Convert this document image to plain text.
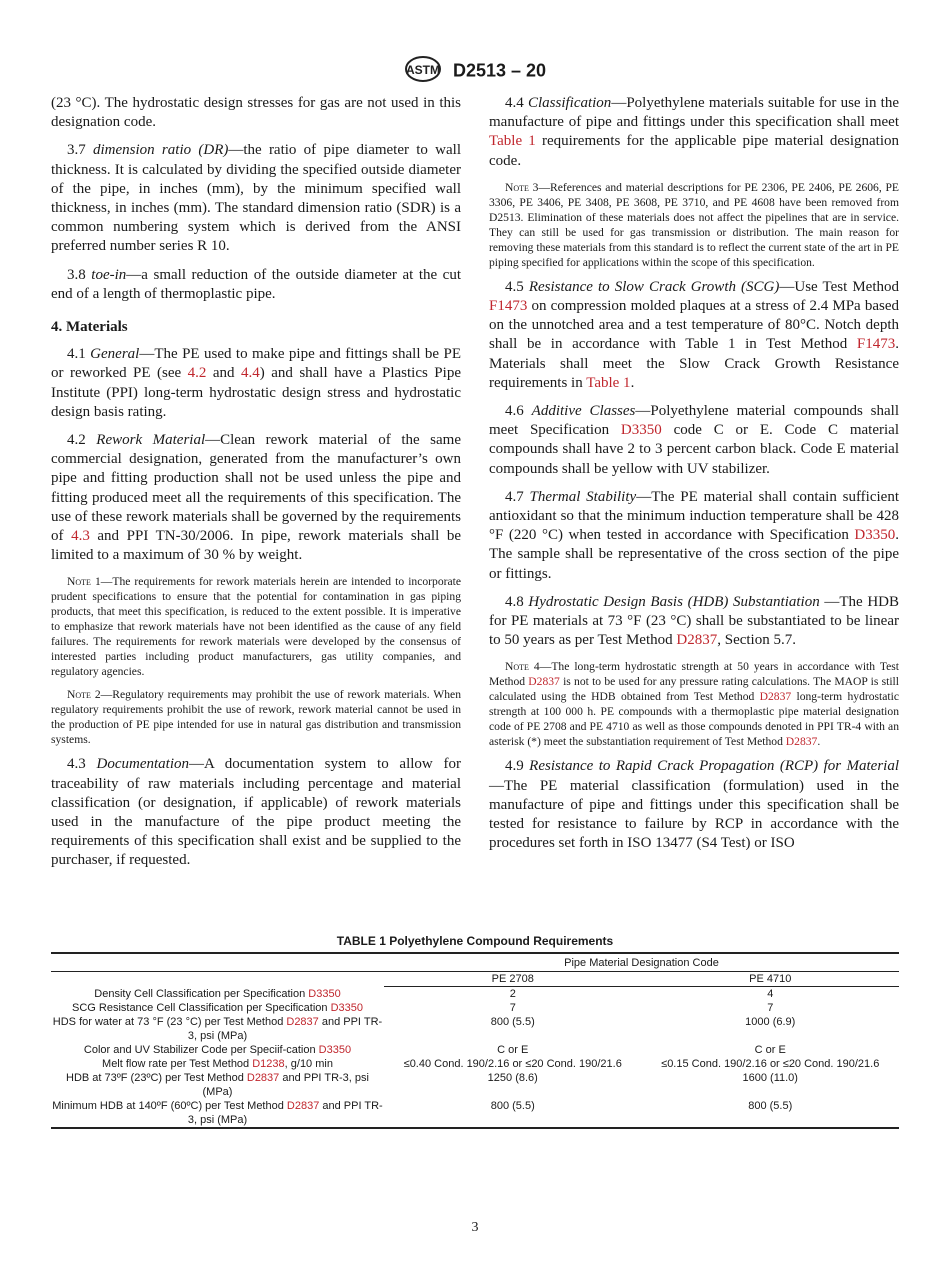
ASTM D2513 – 20
(23 °C). The hydrostatic design stresses for gas are not used in this designation code.
3.7 dimension ratio (DR)—the ratio of pipe diameter to wall thickness. It is calculated by dividing the specified outside diameter of the pipe, in inches (mm), by the minimum specified wall thickness, in inches (mm). The standard dimension ratio (SDR) is a common numbering system which is derived from the ANSI preferred number series R 10.
3.8 toe-in—a small reduction of the outside diameter at the cut end of a length of thermoplastic pipe.
4. Materials
4.1 General—The PE used to make pipe and fittings shall be PE or reworked PE (see 4.2 and 4.4) and shall have a Plastics Pipe Institute (PPI) long-term hydrostatic design stress and hydrostatic design basis rating.
4.2 Rework Material—Clean rework material of the same commercial designation, generated from the manufacturer’s own pipe and fitting production shall not be used unless the pipe and fitting produced meet all the requirements of this specification. The use of these rework materials shall be governed by the requirements of 4.3 and PPI TN-30/2006. In pipe, rework materials shall be limited to a maximum of 30 % by weight.
Note 1—The requirements for rework materials herein are intended to incorporate prudent specifications to ensure that the potential for contamination in gas piping products, that meet this specification, is reduced to the extent possible. It is imperative to emphasize that rework materials have not been identified as the cause of any field failures. The requirements for rework materials were developed by the consensus of interested parties including product manufacturers, gas utility companies, and regulatory agencies.
Note 2—Regulatory requirements may prohibit the use of rework materials. When regulatory requirements prohibit the use of rework, rework material cannot be used in the production of PE pipe intended for use in natural gas distribution and transmission systems.
4.3 Documentation—A documentation system to allow for traceability of raw materials including percentage and material classification (or designation, if applicable) of rework materials used in the manufacture of the pipe product meeting the requirements of this specification shall exist and be supplied to the purchaser, if requested.
4.4 Classification—Polyethylene materials suitable for use in the manufacture of pipe and fittings under this specification shall meet Table 1 requirements for the applicable pipe material designation code.
Note 3—References and material descriptions for PE 2306, PE 2406, PE 2606, PE 3306, PE 3406, PE 3408, PE 3608, PE 3710, and PE 4608 have been removed from D2513. Elimination of these materials does not affect the pipelines that are in service. They can still be used for gas transmission or distribution. The main reason for removing these materials from this standard is to reflect the current state of the art in PE piping specified for applications within the scope of this specification.
4.5 Resistance to Slow Crack Growth (SCG)—Use Test Method F1473 on compression molded plaques at a stress of 2.4 MPa based on the unnotched area and a test temperature of 80°C. Notch depth shall be in accordance with Table 1 in Test Method F1473. Materials shall meet the Slow Crack Growth Resistance requirements in Table 1.
4.6 Additive Classes—Polyethylene material compounds shall meet Specification D3350 code C or E. Code C material compounds shall have 2 to 3 percent carbon black. Code E material compounds shall be yellow with UV stabilizer.
4.7 Thermal Stability—The PE material shall contain sufficient antioxidant so that the minimum induction temperature shall be 428 °F (220 °C) when tested in accordance with Specification D3350. The sample shall be representative of the cross section of the pipe or fittings.
4.8 Hydrostatic Design Basis (HDB) Substantiation —The HDB for PE materials at 73 °F (23 °C) shall be substantiated to be linear to 50 years as per Test Method D2837, Section 5.7.
Note 4—The long-term hydrostatic strength at 50 years in accordance with Test Method D2837 is not to be used for any pressure rating calculations. The MAOP is still calculated using the HDB obtained from Test Method D2837 long-term hydrostatic strength at 100 000 h. PE compounds with a thermoplastic pipe material designation code of PE 2708 and PE 4710 as well as those compounds denoted in PPI TR-4 with an asterisk (*) meet the substantiation requirement of Test Method D2837.
4.9 Resistance to Rapid Crack Propagation (RCP) for Material —The PE material classification (formulation) used in the manufacture of pipe and fittings under this specification shall be tested for resistance to failure by RCP in accordance with the procedures set forth in ISO 13477 (S4 Test) or ISO
TABLE 1 Polyethylene Compound Requirements
	Pipe Material Designation Code	
	PE 2708	PE 4710
Density Cell Classification per Specification D3350	2	4
SCG Resistance Cell Classification per Specification D3350	7	7
HDS for water at 73 °F (23 °C) per Test Method D2837 and PPI TR-3, psi (MPa)	800 (5.5)	1000 (6.9)
Color and UV Stabilizer Code per Speciif-cation D3350	C or E	C or E
Melt flow rate per Test Method D1238, g/10 min	≤0.40 Cond. 190/2.16 or ≤20 Cond. 190/21.6	≤0.15 Cond. 190/2.16 or ≤20 Cond. 190/21.6
HDB at 73ºF (23ºC) per Test Method D2837 and PPI TR-3, psi (MPa)	1250 (8.6)	1600 (11.0)
Minimum HDB at 140ºF (60ºC) per Test Method D2837 and PPI TR-3, psi (MPa)	800 (5.5)	800 (5.5)
3
